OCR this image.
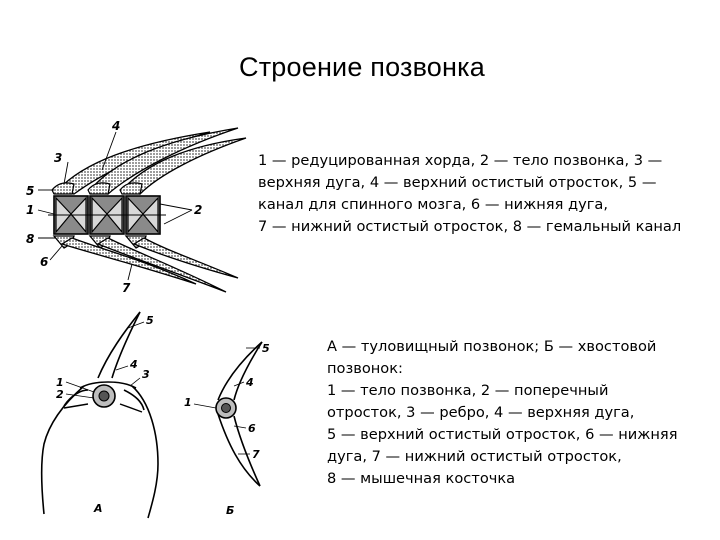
Строение позвонка
4
3
5
1	2
8
6
7
5
4
1
2
3
5
4
1
6
7
А	Б
1 — редуцированная хорда, 2 — тело позвонка, 3 —
верхняя дуга, 4 — верхний остистый отросток, 5 —
канал для спинного мозга, 6 — нижняя дуга,
7 — нижний остистый отросток, 8 — гемальный канал
А — туловищный позвонок; Б — хвостовой
позвонок:
1 — тело позвонка, 2 — поперечный
отросток, 3 — ребро, 4 — верхняя дуга,
5 — верхний остистый отросток, 6 — нижняя
дуга, 7 — нижний остистый отросток,
8 — мышечная косточка
